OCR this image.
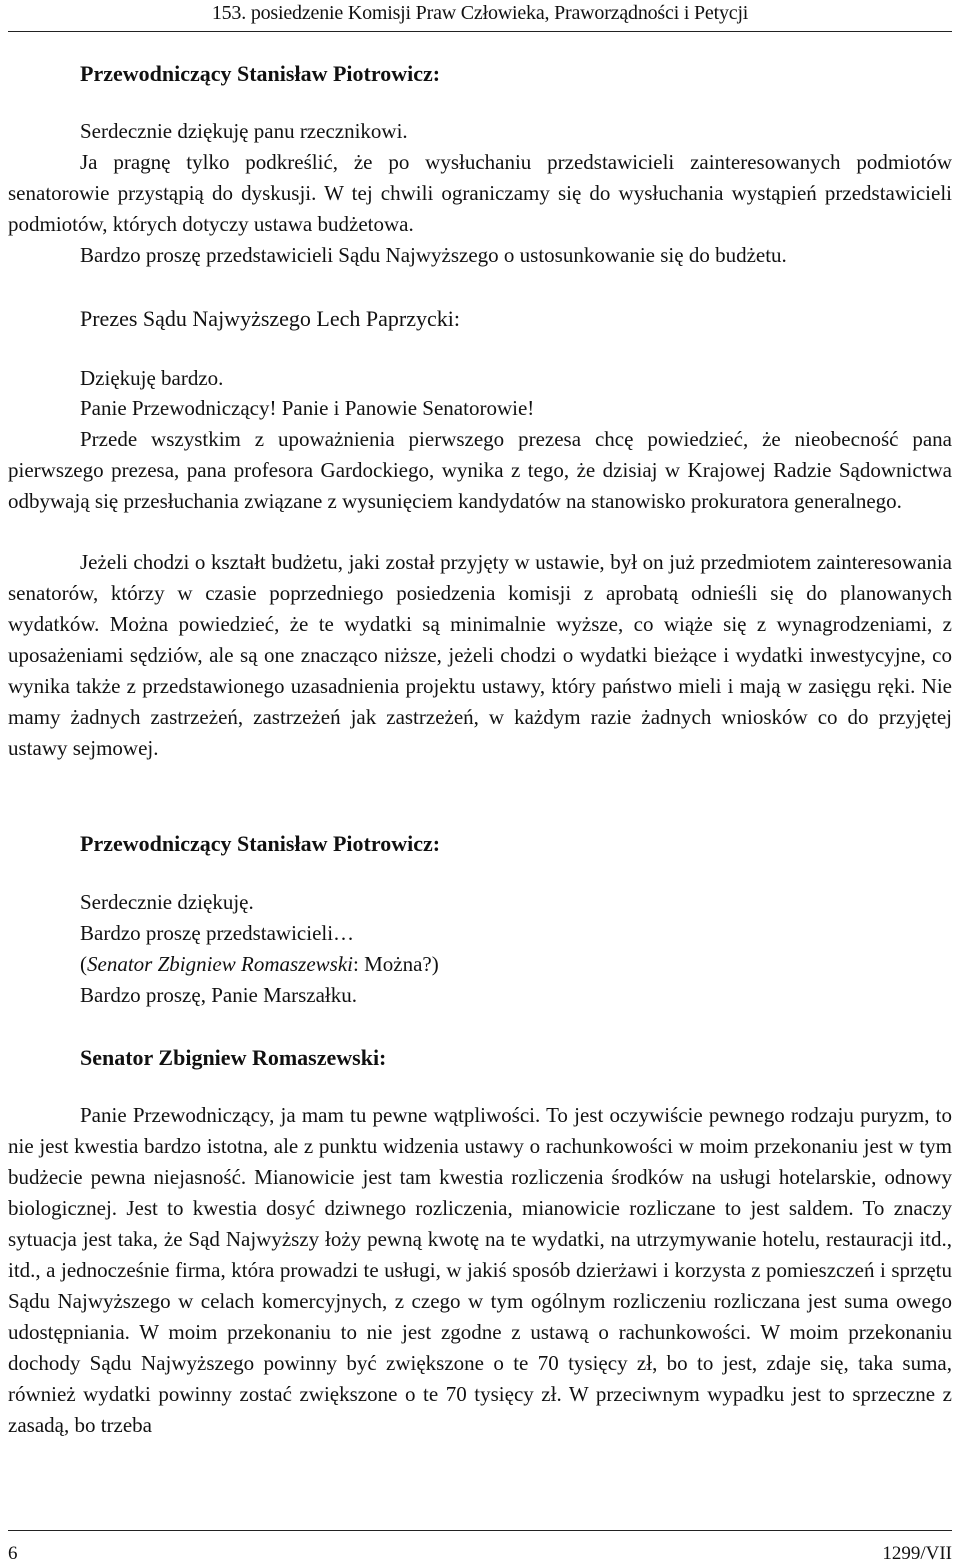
153. posiedzenie Komisji Praw Człowieka, Praworządności i Petycji

Przewodniczący Stanisław Piotrowicz:

Serdecznie dziękuję panu rzecznikowi.

Ja pragnę tylko podkreślić, że po wysłuchaniu przedstawicieli zainteresowanych podmiotów senatorowie przystąpią do dyskusji. W tej chwili ograniczamy się do wysłuchania wystąpień przedstawicieli podmiotów, których dotyczy ustawa budżetowa.

Bardzo proszę przedstawicieli Sądu Najwyższego o ustosunkowanie się do budżetu.

Prezes Sądu Najwyższego Lech Paprzycki:

Dziękuję bardzo.

Panie Przewodniczący! Panie i Panowie Senatorowie!

Przede wszystkim z upoważnienia pierwszego prezesa chcę powiedzieć, że nieobecność pana pierwszego prezesa, pana profesora Gardockiego, wynika z tego, że dzisiaj w Krajowej Radzie Sądownictwa odbywają się przesłuchania związane z wysunięciem kandydatów na stanowisko prokuratora generalnego.

Jeżeli chodzi o kształt budżetu, jaki został przyjęty w ustawie, był on już przedmiotem zainteresowania senatorów, którzy w czasie poprzedniego posiedzenia komisji z aprobatą odnieśli się do planowanych wydatków. Można powiedzieć, że te wydatki są minimalnie wyższe, co wiąże się z wynagrodzeniami, z uposażeniami sędziów, ale są one znacząco niższe, jeżeli chodzi o wydatki bieżące i wydatki inwestycyjne, co wynika także z przedstawionego uzasadnienia projektu ustawy, który państwo mieli i mają w zasięgu ręki. Nie mamy żadnych zastrzeżeń, zastrzeżeń jak zastrzeżeń, w każdym razie żadnych wniosków co do przyjętej ustawy sejmowej.

Przewodniczący Stanisław Piotrowicz:

Serdecznie dziękuję.

Bardzo proszę przedstawicieli…

(Senator Zbigniew Romaszewski: Można?)

Bardzo proszę, Panie Marszałku.

Senator Zbigniew Romaszewski:

Panie Przewodniczący, ja mam tu pewne wątpliwości. To jest oczywiście pewnego rodzaju puryzm, to nie jest kwestia bardzo istotna, ale z punktu widzenia ustawy o rachunkowości w moim przekonaniu jest w tym budżecie pewna niejasność. Mianowicie jest tam kwestia rozliczenia środków na usługi hotelarskie, odnowy biologicznej. Jest to kwestia dosyć dziwnego rozliczenia, mianowicie rozliczane to jest saldem. To znaczy sytuacja jest taka, że Sąd Najwyższy łoży pewną kwotę na te wydatki, na utrzymywanie hotelu, restauracji itd., itd., a jednocześnie firma, która prowadzi te usługi, w jakiś sposób dzierżawi i korzysta z pomieszczeń i sprzętu Sądu Najwyższego w celach komercyjnych, z czego w tym ogólnym rozliczeniu rozliczana jest suma owego udostępniania. W moim przekonaniu to nie jest zgodne z ustawą o rachunkowości. W moim przekonaniu dochody Sądu Najwyższego powinny być zwiększone o te 70 tysięcy zł, bo to jest, zdaje się, taka suma, również wydatki powinny zostać zwiększone o te 70 tysięcy zł. W przeciwnym wypadku jest to sprzeczne z zasadą, bo trzeba

6	1299/VII
